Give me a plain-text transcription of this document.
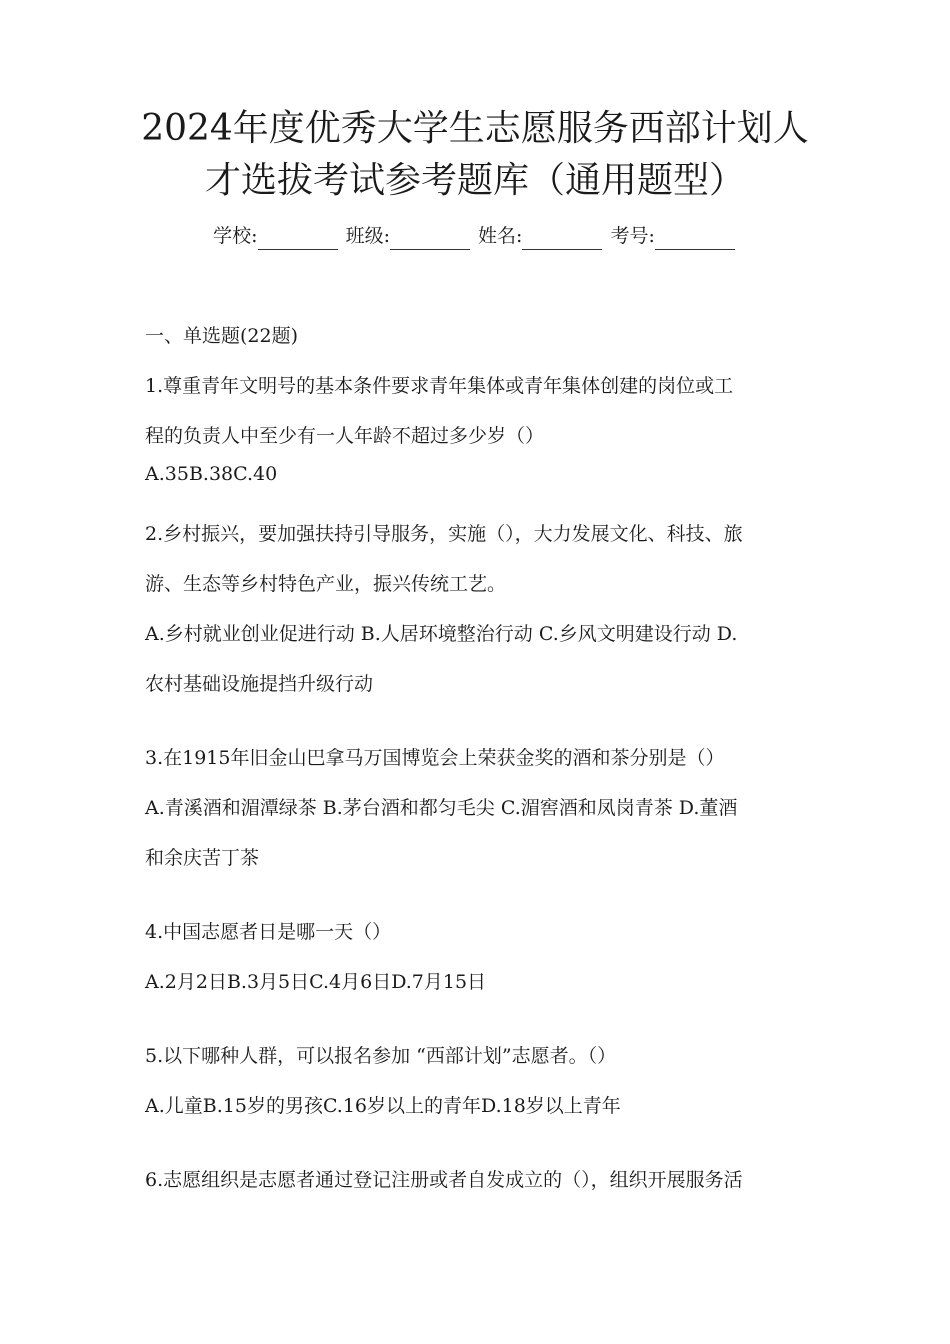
2024年度优秀大学生志愿服务西部计划人
才选拔考试参考题库（通用题型）
学校:	班级:	姓名:	考号:
一、单选题(22题)
1.尊重青年文明号的基本条件要求青年集体或青年集体创建的岗位或工
程的负责人中至少有一人年龄不超过多少岁（）
A.35B.38C.40
2.乡村振兴，要加强扶持引导服务，实施（），大力发展文化、科技、旅
游、生态等乡村特色产业，振兴传统工艺。
A.乡村就业创业促进行动 B.人居环境整治行动 C.乡风文明建设行动 D.
农村基础设施提挡升级行动
3.在1915年旧金山巴拿马万国博览会上荣获金奖的酒和茶分别是（）
A.青溪酒和湄潭绿茶 B.茅台酒和都匀毛尖 C.湄窖酒和凤岗青茶 D.董酒
和余庆苦丁茶
4.中国志愿者日是哪一天（）
A.2月2日B.3月5日C.4月6日D.7月15日
5.以下哪种人群，可以报名参加 “西部计划”志愿者。（）
A.儿童B.15岁的男孩C.16岁以上的青年D.18岁以上青年
6.志愿组织是志愿者通过登记注册或者自发成立的（），组织开展服务活
